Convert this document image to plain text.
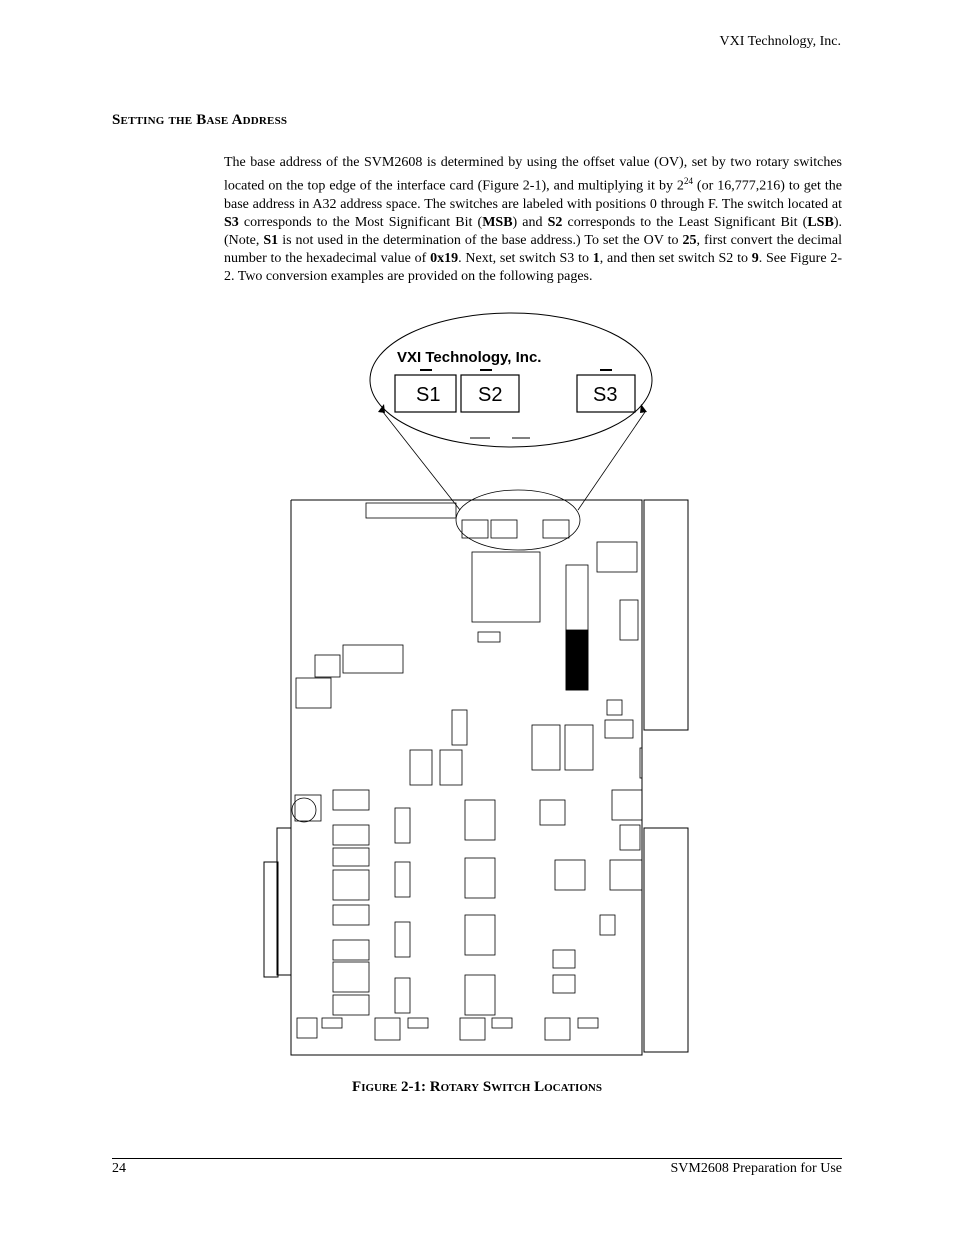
VXI Technology, Inc.
Setting the Base Address
The base address of the SVM2608 is determined by using the offset value (OV), set by two rotary switches located on the top edge of the interface card (Figure 2-1), and multiplying it by $2^{24}$ (or 16,777,216) to get the base address in A32 address space. The switches are labeled with positions 0 through F. The switch located at S3 corresponds to the Most Significant Bit (MSB) and S2 corresponds to the Least Significant Bit (LSB). (Note, S1 is not used in the determination of the base address.) To set the OV to 25, first convert the decimal number to the hexadecimal value of 0x19. Next, set switch S3 to 1, and then set switch S2 to 9. See Figure 2-2. Two conversion examples are provided on the following pages.
VXI Technology, Inc.
S1 S2	S3
Figure 2-1: Rotary Switch Locations
24	SVM2608 Preparation for Use
